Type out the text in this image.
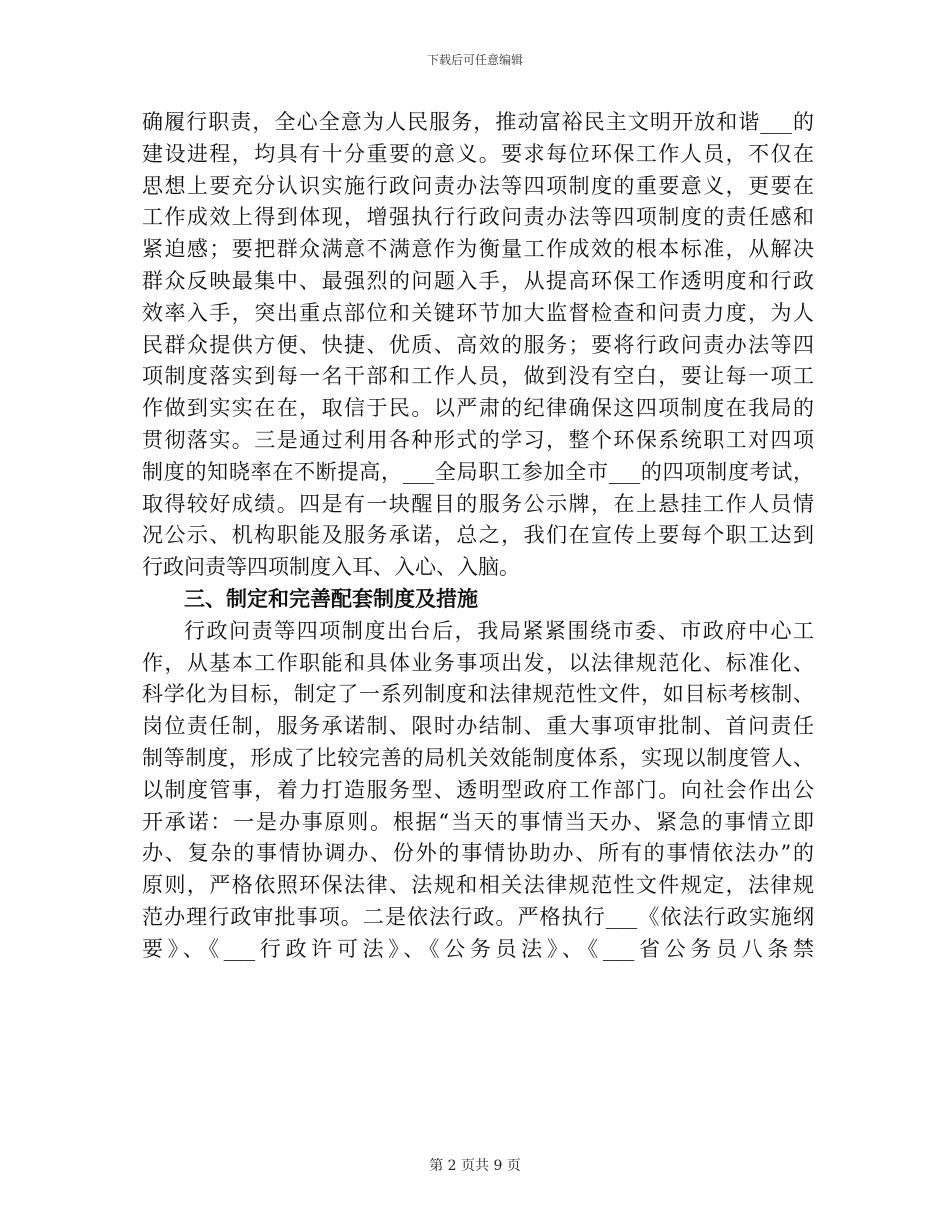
下载后可任意编辑
确履行职责，全心全意为人民服务，推动富裕民主文明开放和谐___的
建设进程，均具有十分重要的意义。要求每位环保工作人员，不仅在
思想上要充分认识实施行政问责办法等四项制度的重要意义，更要在
工作成效上得到体现，增强执行行政问责办法等四项制度的责任感和
紧迫感；要把群众满意不满意作为衡量工作成效的根本标准，从解决
群众反映最集中、最强烈的问题入手，从提高环保工作透明度和行政
效率入手，突出重点部位和关键环节加大监督检查和问责力度，为人
民群众提供方便、快捷、优质、高效的服务；要将行政问责办法等四
项制度落实到每一名干部和工作人员，做到没有空白，要让每一项工
作做到实实在在，取信于民。以严肃的纪律确保这四项制度在我局的
贯彻落实。三是通过利用各种形式的学习，整个环保系统职工对四项
制度的知晓率在不断提高，___全局职工参加全市___的四项制度考试，
取得较好成绩。四是有一块醒目的服务公示牌，在上悬挂工作人员情
况公示、机构职能及服务承诺，总之，我们在宣传上要每个职工达到
行政问责等四项制度入耳、入心、入脑。
三、制定和完善配套制度及措施
行政问责等四项制度出台后，我局紧紧围绕市委、市政府中心工
作，从基本工作职能和具体业务事项出发，以法律规范化、标准化、
科学化为目标，制定了一系列制度和法律规范性文件，如目标考核制、
岗位责任制，服务承诺制、限时办结制、重大事项审批制、首问责任
制等制度，形成了比较完善的局机关效能制度体系，实现以制度管人、
以制度管事，着力打造服务型、透明型政府工作部门。向社会作出公
开承诺：一是办事原则。根据“当天的事情当天办、紧急的事情立即
办、复杂的事情协调办、份外的事情协助办、所有的事情依法办”的
原则，严格依照环保法律、法规和相关法律规范性文件规定，法律规
范办理行政审批事项。二是依法行政。严格执行___《依法行政实施纲
要》、《___行政许可法》、《公务员法》、《___省公务员八条禁
第 2 页共 9 页
